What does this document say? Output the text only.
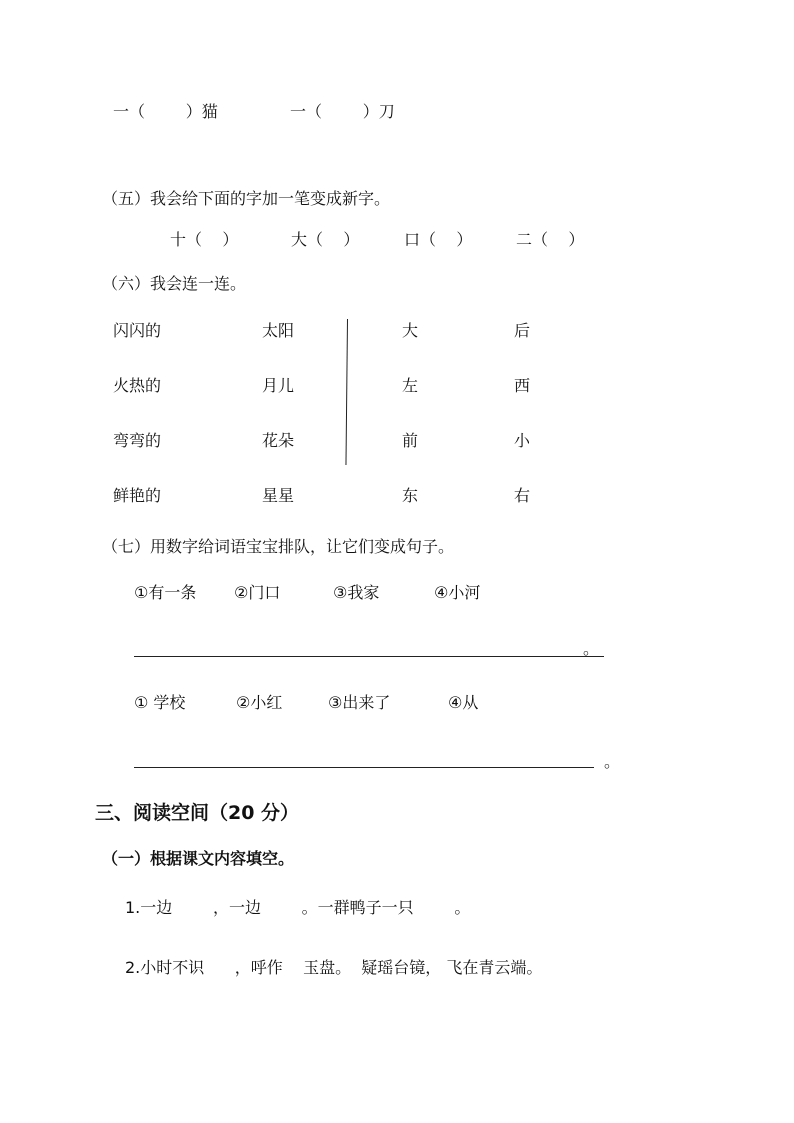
一（        ）猫	一（        ）刀
（五）我会给下面的字加一笔变成新字。
十（    ）	大（    ）	口（    ）	二（    ）
（六）我会连一连。
闪闪的	太阳	大	后
火热的	月儿	左	西
弯弯的	花朵	前	小
鲜艳的	星星	东	右
（七）用数字给词语宝宝排队，让它们变成句子。
①有一条 ②门口	③我家	④小河
。
① 学校	②小红	③出来了	④从
。
三、阅读空间（20 分）
（一）根据课文内容填空。
1.一边        ，一边        。一群鸭子一只        。
2.小时不识      ，呼作    玉盘。  疑瑶台镜， 飞在青云端。
